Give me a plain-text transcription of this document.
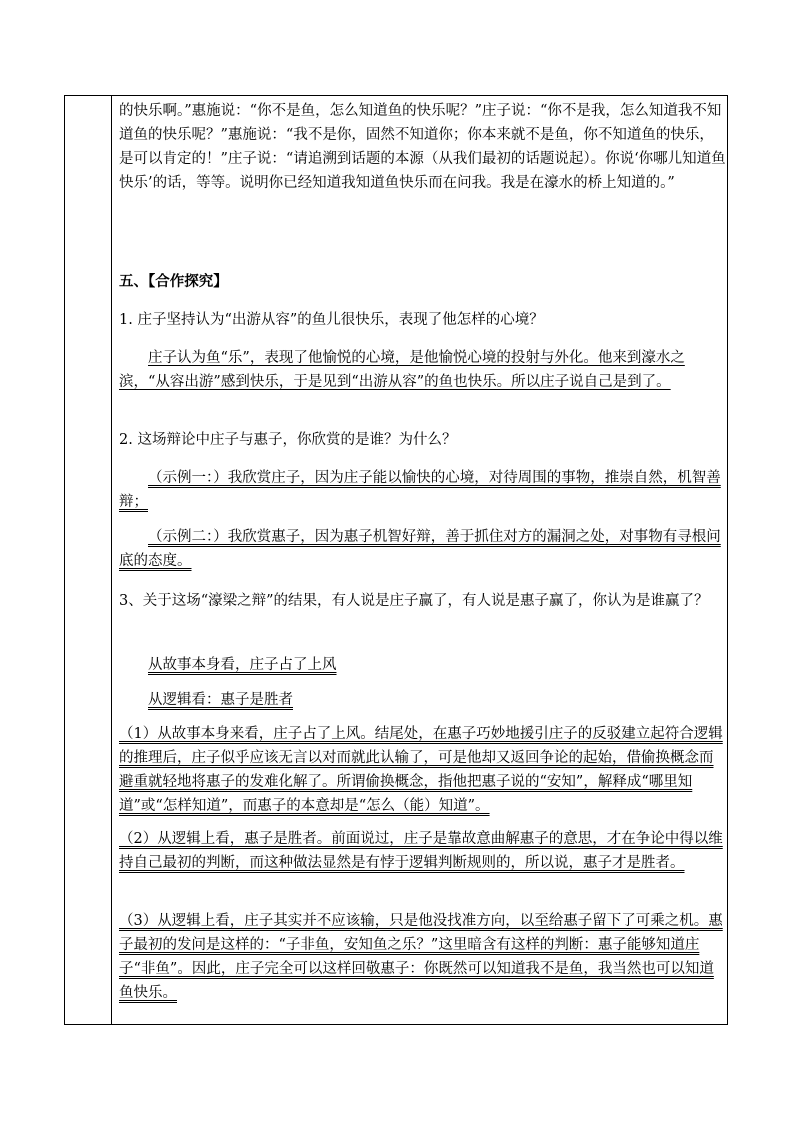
的快乐啊。”惠施说：“你不是鱼，怎么知道鱼的快乐呢？”庄子说：“你不是我，怎么知道我不知道鱼的快乐呢？”惠施说：“我不是你，固然不知道你；你本来就不是鱼，你不知道鱼的快乐，是可以肯定的！”庄子说：“请追溯到话题的本源（从我们最初的话题说起）。你说‘你哪儿知道鱼快乐’的话，等等。说明你已经知道我知道鱼快乐而在问我。我是在濠水的桥上知道的。”

五、【合作探究】

1. 庄子坚持认为“出游从容”的鱼儿很快乐，表现了他怎样的心境？

庄子认为鱼“乐”，表现了他愉悦的心境，是他愉悦心境的投射与外化。他来到濠水之滨，“从容出游”感到快乐，于是见到“出游从容”的鱼也快乐。所以庄子说自己是到了。

2. 这场辩论中庄子与惠子，你欣赏的是谁？为什么？

（示例一：）我欣赏庄子，因为庄子能以愉快的心境，对待周围的事物，推崇自然，机智善辩；

（示例二：）我欣赏惠子，因为惠子机智好辩，善于抓住对方的漏洞之处，对事物有寻根问底的态度。

3、关于这场“濠梁之辩”的结果，有人说是庄子赢了，有人说是惠子赢了，你认为是谁赢了？

从故事本身看，庄子占了上风

从逻辑看：惠子是胜者

（1）从故事本身来看，庄子占了上风。结尾处，在惠子巧妙地援引庄子的反驳建立起符合逻辑的推理后，庄子似乎应该无言以对而就此认输了，可是他却又返回争论的起始，借偷换概念而避重就轻地将惠子的发难化解了。所谓偷换概念，指他把惠子说的“安知”，解释成“哪里知道”或“怎样知道”，而惠子的本意却是“怎么（能）知道”。

（2）从逻辑上看，惠子是胜者。前面说过，庄子是靠故意曲解惠子的意思，才在争论中得以维持自己最初的判断，而这种做法显然是有悖于逻辑判断规则的，所以说，惠子才是胜者。

（3）从逻辑上看，庄子其实并不应该输，只是他没找准方向，以至给惠子留下了可乘之机。惠子最初的发问是这样的：“子非鱼，安知鱼之乐？”这里暗含有这样的判断：惠子能够知道庄子“非鱼”。因此，庄子完全可以这样回敬惠子：你既然可以知道我不是鱼，我当然也可以知道鱼快乐。
